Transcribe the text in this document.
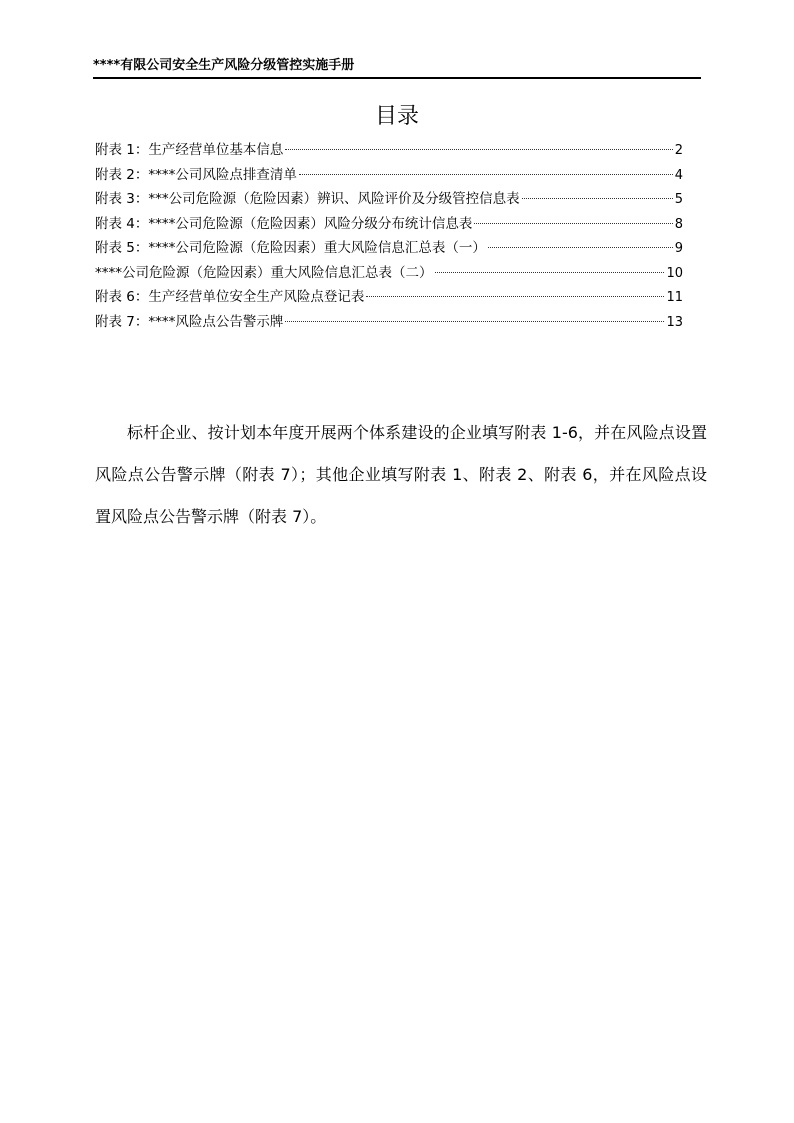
****有限公司安全生产风险分级管控实施手册
目录
附表 1：生产经营单位基本信息	2
附表 2：****公司风险点排查清单	4
附表 3：***公司危险源（危险因素）辨识、风险评价及分级管控信息表	5
附表 4：****公司危险源（危险因素）风险分级分布统计信息表	8
附表 5：****公司危险源（危险因素）重大风险信息汇总表（一）	9
****公司危险源（危险因素）重大风险信息汇总表（二）	10
附表 6：生产经营单位安全生产风险点登记表	11
附表 7：****风险点公告警示牌	13

标杆企业、按计划本年度开展两个体系建设的企业填写附表 1-6，并在风险点设置风险点公告警示牌（附表 7）；其他企业填写附表 1、附表 2、附表 6，并在风险点设置风险点公告警示牌（附表 7）。
